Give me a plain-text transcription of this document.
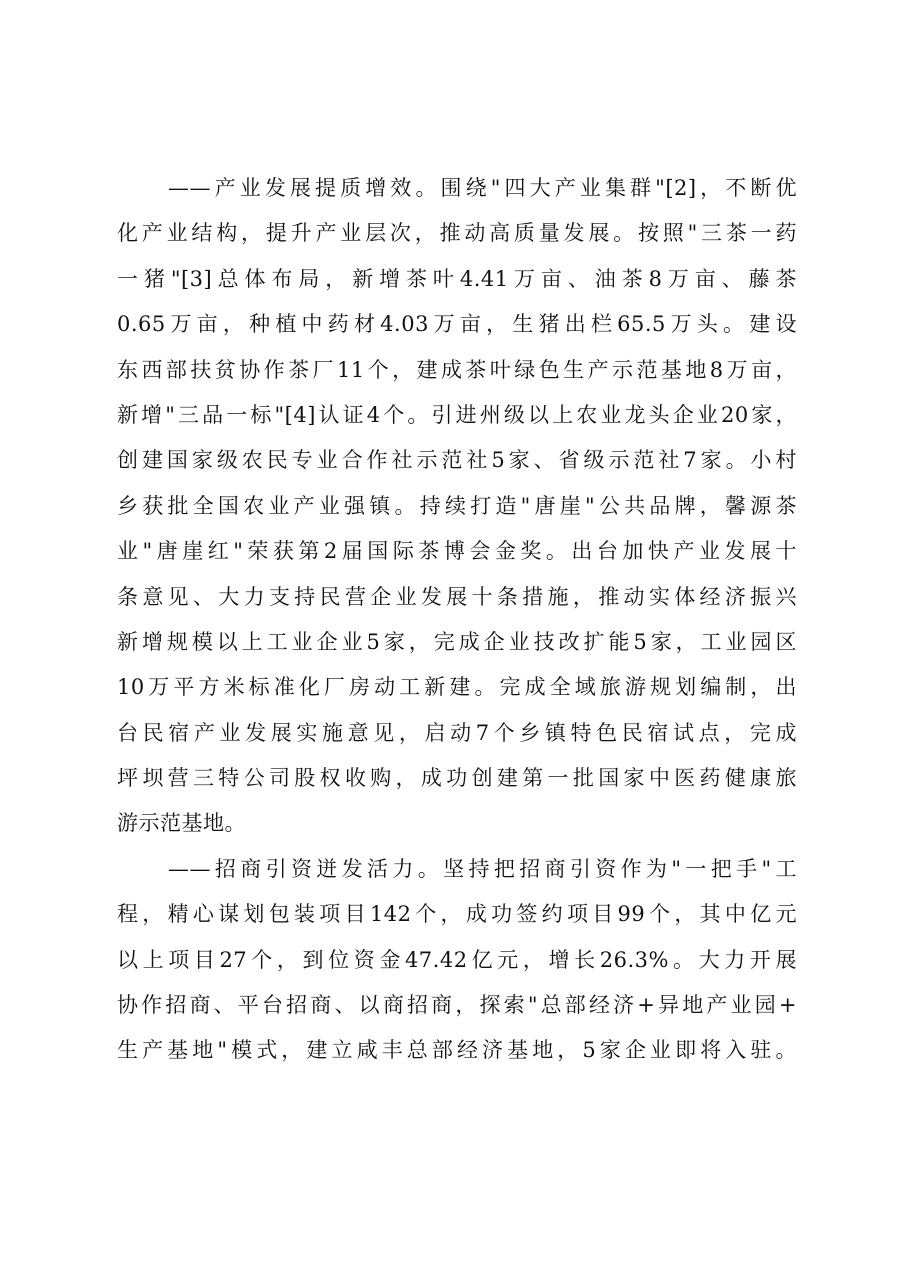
——产业发展提质增效。围绕"四大产业集群"[2]，不断优
化产业结构，提升产业层次，推动高质量发展。按照"三茶一药
一猪"[3]总体布局，新增茶叶4.41万亩、油茶8万亩、藤茶
0.65万亩，种植中药材4.03万亩，生猪出栏65.5万头。建设
东西部扶贫协作茶厂11个，建成茶叶绿色生产示范基地8万亩，
新增"三品一标"[4]认证4个。引进州级以上农业龙头企业20家，
创建国家级农民专业合作社示范社5家、省级示范社7家。小村
乡获批全国农业产业强镇。持续打造"唐崖"公共品牌，馨源茶
业"唐崖红"荣获第2届国际茶博会金奖。出台加快产业发展十
条意见、大力支持民营企业发展十条措施，推动实体经济振兴
新增规模以上工业企业5家，完成企业技改扩能5家，工业园区
10万平方米标准化厂房动工新建。完成全域旅游规划编制，出
台民宿产业发展实施意见，启动7个乡镇特色民宿试点，完成
坪坝营三特公司股权收购，成功创建第一批国家中医药健康旅
游示范基地。
——招商引资迸发活力。坚持把招商引资作为"一把手"工
程，精心谋划包装项目142个，成功签约项目99个，其中亿元
以上项目27个，到位资金47.42亿元，增长26.3%。大力开展
协作招商、平台招商、以商招商，探索"总部经济+异地产业园+
生产基地"模式，建立咸丰总部经济基地，5家企业即将入驻。
